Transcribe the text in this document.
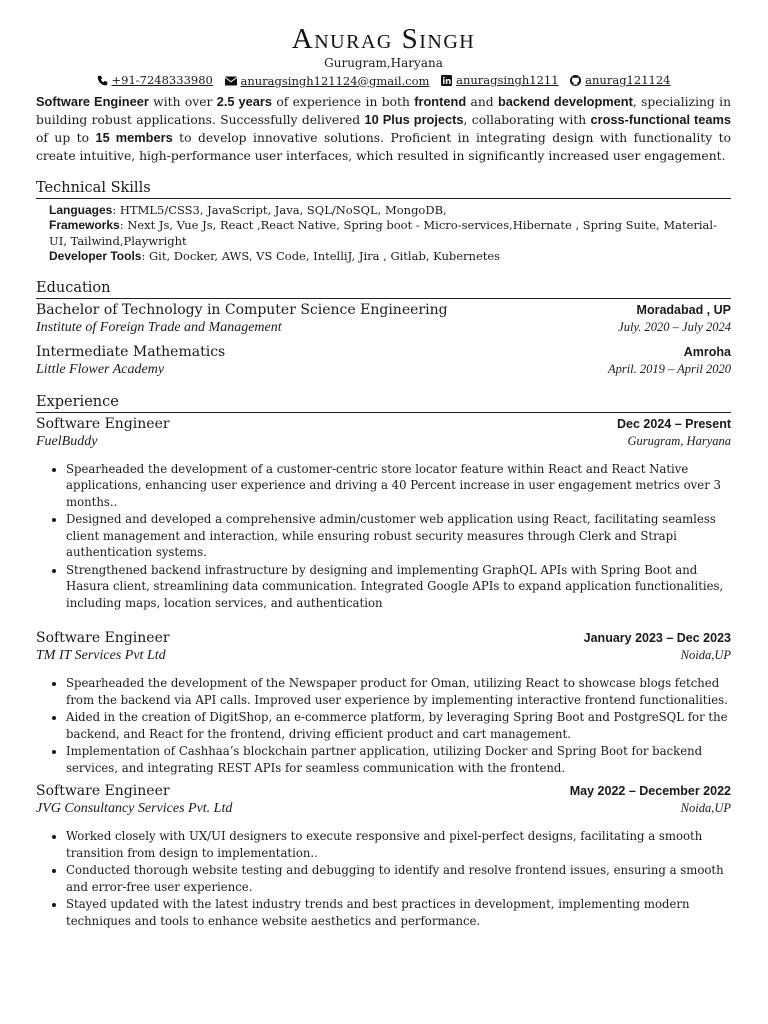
Anurag Singh
Gurugram,Haryana
+91-7248333980
anuragsingh121124@gmail.com
anuragsingh1211
anurag121124
Software Engineer with over 2.5 years of experience in both frontend and backend development, specializing in building robust applications. Successfully delivered 10 Plus projects, collaborating with cross-functional teams of up to 15 members to develop innovative solutions. Proficient in integrating design with functionality to create intuitive, high-performance user interfaces, which resulted in significantly increased user engagement.
Technical Skills
Languages: HTML5/CSS3, JavaScript, Java, SQL/NoSQL, MongoDB,
Frameworks: Next Js, Vue Js, React ,React Native, Spring boot - Micro-services,Hibernate , Spring Suite, Material-UI, Tailwind,Playwright
Developer Tools: Git, Docker, AWS, VS Code, IntelliJ, Jira , Gitlab, Kubernetes
Education
Bachelor of Technology in Computer Science Engineering	Moradabad , UP
Institute of Foreign Trade and Management	July. 2020 – July 2024
Intermediate Mathematics	Amroha
Little Flower Academy	April. 2019 – April 2020
Experience
Software Engineer	Dec 2024 – Present
FuelBuddy	Gurugram, Haryana
• Spearheaded the development of a customer-centric store locator feature within React and React Native applications, enhancing user experience and driving a 40 Percent increase in user engagement metrics over 3 months..
• Designed and developed a comprehensive admin/customer web application using React, facilitating seamless client management and interaction, while ensuring robust security measures through Clerk and Strapi authentication systems.
• Strengthened backend infrastructure by designing and implementing GraphQL APIs with Spring Boot and Hasura client, streamlining data communication. Integrated Google APIs to expand application functionalities, including maps, location services, and authentication
Software Engineer	January 2023 – Dec 2023
TM IT Services Pvt Ltd	Noida,UP
• Spearheaded the development of the Newspaper product for Oman, utilizing React to showcase blogs fetched from the backend via API calls. Improved user experience by implementing interactive frontend functionalities.
• Aided in the creation of DigitShop, an e-commerce platform, by leveraging Spring Boot and PostgreSQL for the backend, and React for the frontend, driving efficient product and cart management.
• Implementation of Cashhaa’s blockchain partner application, utilizing Docker and Spring Boot for backend services, and integrating REST APIs for seamless communication with the frontend.
Software Engineer	May 2022 – December 2022
JVG Consultancy Services Pvt. Ltd	Noida,UP
• Worked closely with UX/UI designers to execute responsive and pixel-perfect designs, facilitating a smooth transition from design to implementation..
• Conducted thorough website testing and debugging to identify and resolve frontend issues, ensuring a smooth and error-free user experience.
• Stayed updated with the latest industry trends and best practices in development, implementing modern techniques and tools to enhance website aesthetics and performance.
